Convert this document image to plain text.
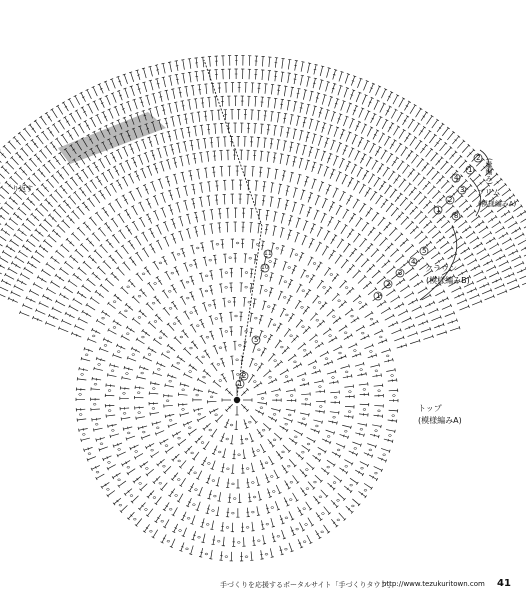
2
1
4
3
2
1
8
5
4
3
2
1
11
10
5
2
1
り返す
(縁編み)
ブリム
(模様編みA)
クラウン
(模様編みB)
トップ
(模様編みA)
手づくりを応援するポータルサイト「手づくりタウン」
http://www.tezukuritown.com 41
